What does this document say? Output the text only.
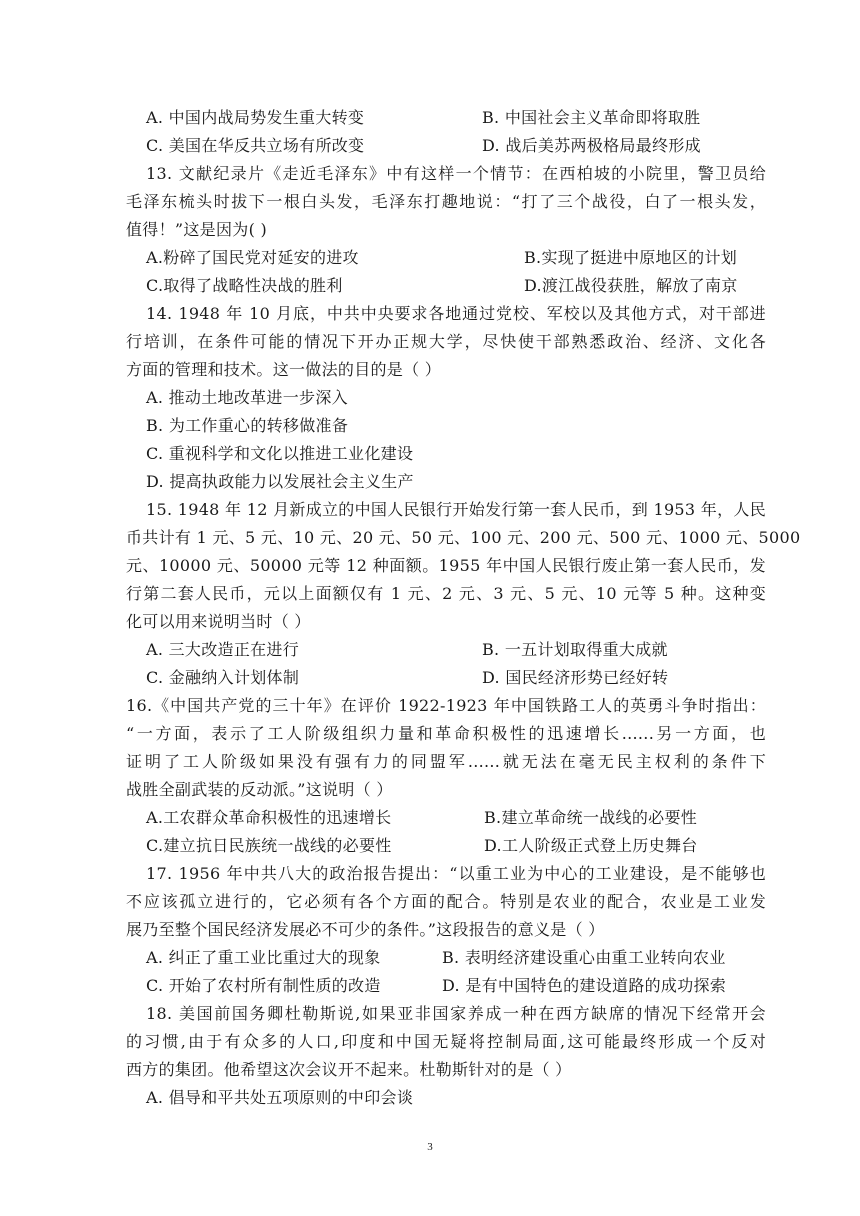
A. 中国内战局势发生重大转变	B. 中国社会主义革命即将取胜
C. 美国在华反共立场有所改变	D. 战后美苏两极格局最终形成
13. 文献纪录片《走近毛泽东》中有这样一个情节：在西柏坡的小院里，警卫员给
毛泽东梳头时拔下一根白头发，毛泽东打趣地说：“打了三个战役，白了一根头发，
值得！”这是因为( )
A.粉碎了国民党对延安的进攻	B.实现了挺进中原地区的计划
C.取得了战略性决战的胜利	D.渡江战役获胜，解放了南京
14. 1948 年 10 月底，中共中央要求各地通过党校、军校以及其他方式，对干部进
行培训，在条件可能的情况下开办正规大学，尽快使干部熟悉政治、经济、文化各
方面的管理和技术。这一做法的目的是（ ）
A. 推动土地改革进一步深入
B. 为工作重心的转移做准备
C. 重视科学和文化以推进工业化建设
D. 提高执政能力以发展社会主义生产
15. 1948 年 12 月新成立的中国人民银行开始发行第一套人民币，到 1953 年，人民
币共计有 1 元、5 元、10 元、20 元、50 元、100 元、200 元、500 元、1000 元、5000
元、10000 元、50000 元等 12 种面额。1955 年中国人民银行废止第一套人民币，发
行第二套人民币，元以上面额仅有 1 元、2 元、3 元、5 元、10 元等 5 种。这种变
化可以用来说明当时（ ）
A. 三大改造正在进行	B. 一五计划取得重大成就
C. 金融纳入计划体制	D. 国民经济形势已经好转
16.《中国共产党的三十年》在评价 1922-1923 年中国铁路工人的英勇斗争时指出：
“一方面，表示了工人阶级组织力量和革命积极性的迅速增长......另一方面，也
证明了工人阶级如果没有强有力的同盟军......就无法在毫无民主权利的条件下
战胜全副武装的反动派。”这说明（ ）
A.工农群众革命积极性的迅速增长	B.建立革命统一战线的必要性
C.建立抗日民族统一战线的必要性	D.工人阶级正式登上历史舞台
17. 1956 年中共八大的政治报告提出：“以重工业为中心的工业建设，是不能够也
不应该孤立进行的，它必须有各个方面的配合。特别是农业的配合，农业是工业发
展乃至整个国民经济发展必不可少的条件。”这段报告的意义是（ ）
A. 纠正了重工业比重过大的现象	B. 表明经济建设重心由重工业转向农业
C. 开始了农村所有制性质的改造	D. 是有中国特色的建设道路的成功探索
18. 美国前国务卿杜勒斯说,如果亚非国家养成一种在西方缺席的情况下经常开会
的习惯,由于有众多的人口,印度和中国无疑将控制局面,这可能最终形成一个反对
西方的集团。他希望这次会议开不起来。杜勒斯针对的是（ ）
A. 倡导和平共处五项原则的中印会谈
3
